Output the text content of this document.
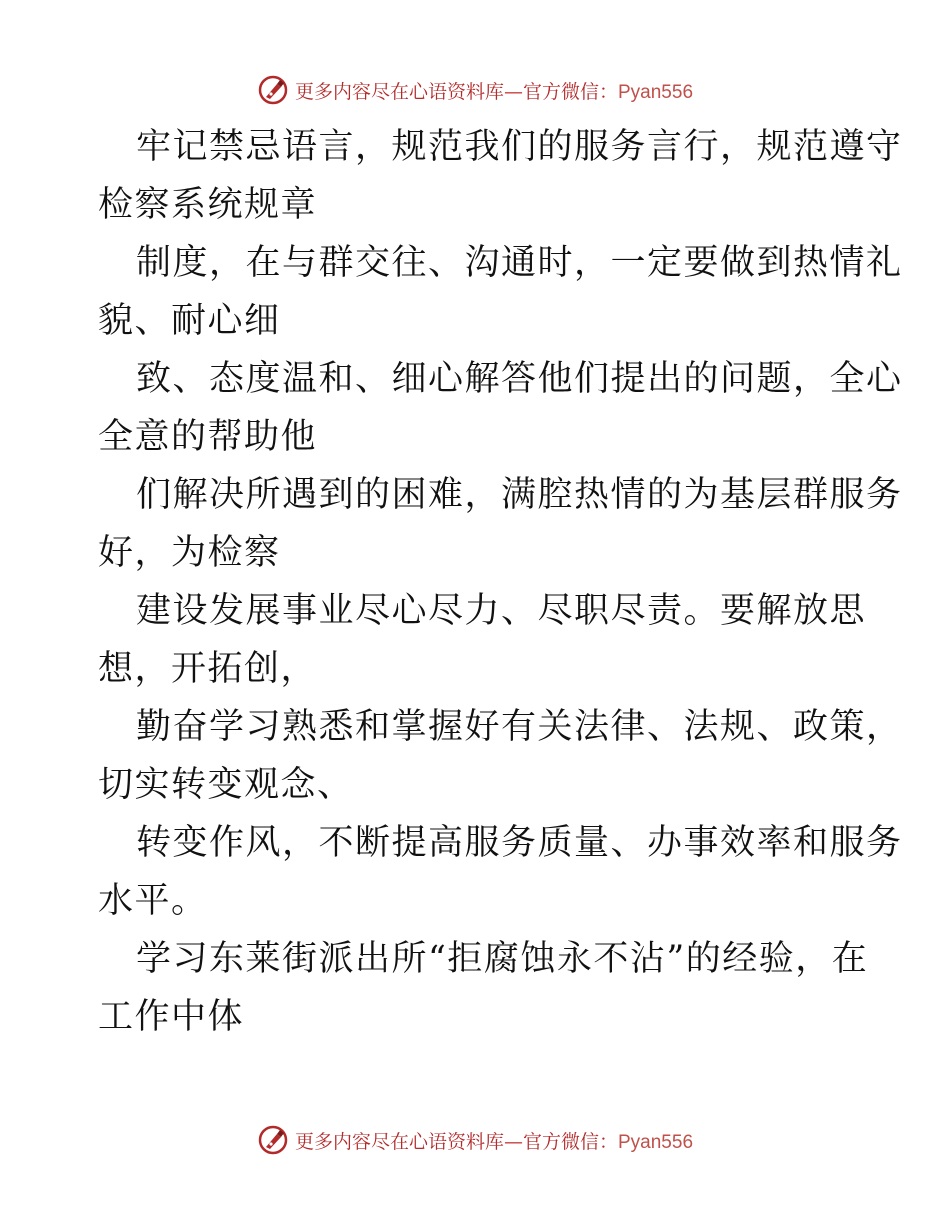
更多内容尽在心语资料库—官方微信：Pyan556

牢记禁忌语言，规范我们的服务言行，规范遵守
检察系统规章

制度，在与群交往、沟通时，一定要做到热情礼
貌、耐心细

致、态度温和、细心解答他们提出的问题，全心
全意的帮助他

们解决所遇到的困难，满腔热情的为基层群服务
好，为检察

建设发展事业尽心尽力、尽职尽责。要解放思
想，开拓创，

勤奋学习熟悉和掌握好有关法律、法规、政策，
切实转变观念、

转变作风，不断提高服务质量、办事效率和服务
水平。

学习东莱街派出所“拒腐蚀永不沾”的经验，在
工作中体

更多内容尽在心语资料库—官方微信：Pyan556
